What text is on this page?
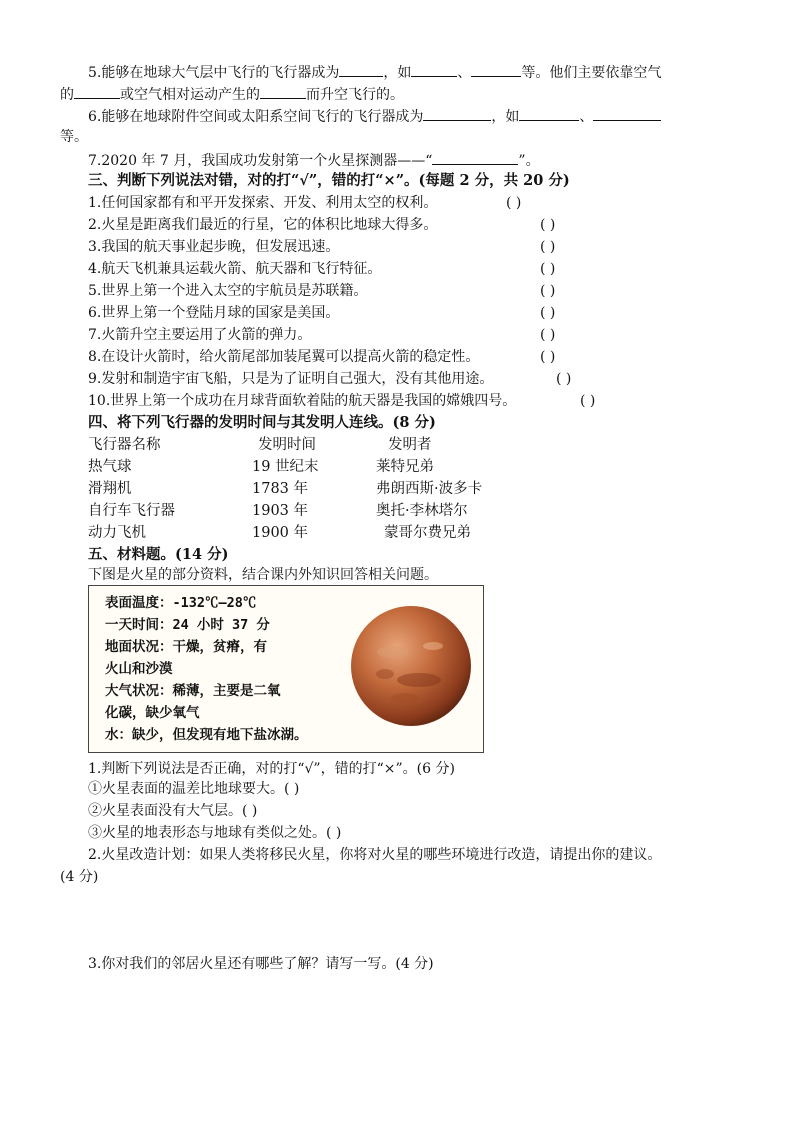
5.能够在地球大气层中飞行的飞行器成为	，如	、	等。他们主要依靠空气
的	或空气相对运动产生的	而升空飞行的。
6.能够在地球附件空间或太阳系空间飞行的飞行器成为	，如	、
等。
7.2020 年 7 月，我国成功发射第一个火星探测器——“	”。
三、判断下列说法对错，对的打“√”，错的打“×”。(每题 2 分，共 20 分)
1.任何国家都有和平开发探索、开发、利用太空的权利。	( )
2.火星是距离我们最近的行星，它的体积比地球大得多。	( )
3.我国的航天事业起步晚，但发展迅速。	( )
4.航天飞机兼具运载火箭、航天器和飞行特征。	( )
5.世界上第一个进入太空的宇航员是苏联籍。	( )
6.世界上第一个登陆月球的国家是美国。	( )
7.火箭升空主要运用了火箭的弹力。	( )
8.在设计火箭时，给火箭尾部加装尾翼可以提高火箭的稳定性。	( )
9.发射和制造宇宙飞船，只是为了证明自己强大，没有其他用途。	( )
10.世界上第一个成功在月球背面软着陆的航天器是我国的嫦娥四号。	( )
四、将下列飞行器的发明时间与其发明人连线。(8 分)
飞行器名称	发明时间	发明者
热气球	19 世纪末	莱特兄弟
滑翔机	1783 年	弗朗西斯·波多卡
自行车飞行器	1903 年	奥托·李林塔尔
动力飞机	1900 年	蒙哥尔费兄弟
五、材料题。(14 分)
下图是火星的部分资料，结合课内外知识回答相关问题。
表面温度：-132℃—28℃
一天时间：24 小时 37 分
地面状况：干燥，贫瘠，有
火山和沙漠
大气状况：稀薄，主要是二氧
化碳，缺少氧气
水：缺少，但发现有地下盐冰湖。
1.判断下列说法是否正确，对的打“√”，错的打“×”。(6 分)
①火星表面的温差比地球要大。( )
②火星表面没有大气层。( )
③火星的地表形态与地球有类似之处。( )
2.火星改造计划：如果人类将移民火星，你将对火星的哪些环境进行改造，请提出你的建议。
(4 分)
3.你对我们的邻居火星还有哪些了解？请写一写。(4 分)
